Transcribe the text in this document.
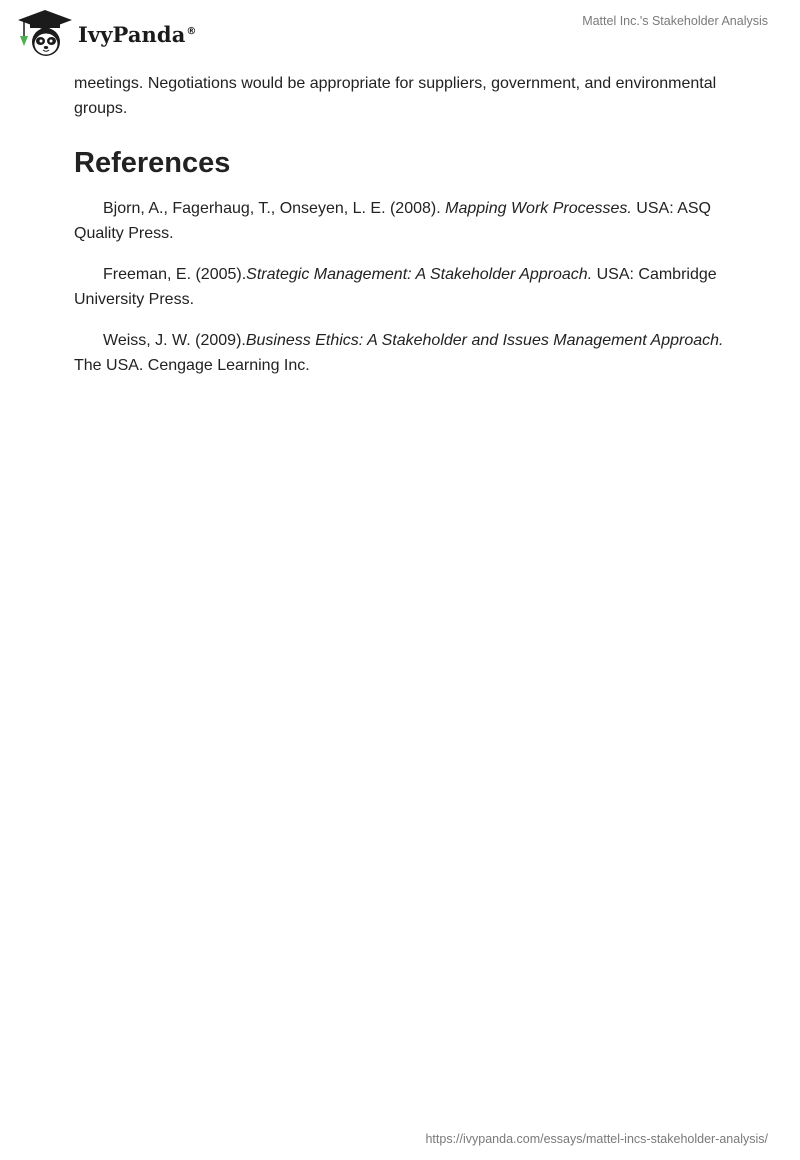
IvyPanda®
Mattel Inc.'s Stakeholder Analysis

meetings. Negotiations would be appropriate for suppliers, government, and environmental groups.

References

Bjorn, A., Fagerhaug, T., Onseyen, L. E. (2008). Mapping Work Processes. USA: ASQ Quality Press.

Freeman, E. (2005).Strategic Management: A Stakeholder Approach. USA: Cambridge University Press.

Weiss, J. W. (2009).Business Ethics: A Stakeholder and Issues Management Approach. The USA. Cengage Learning Inc.

https://ivypanda.com/essays/mattel-incs-stakeholder-analysis/
